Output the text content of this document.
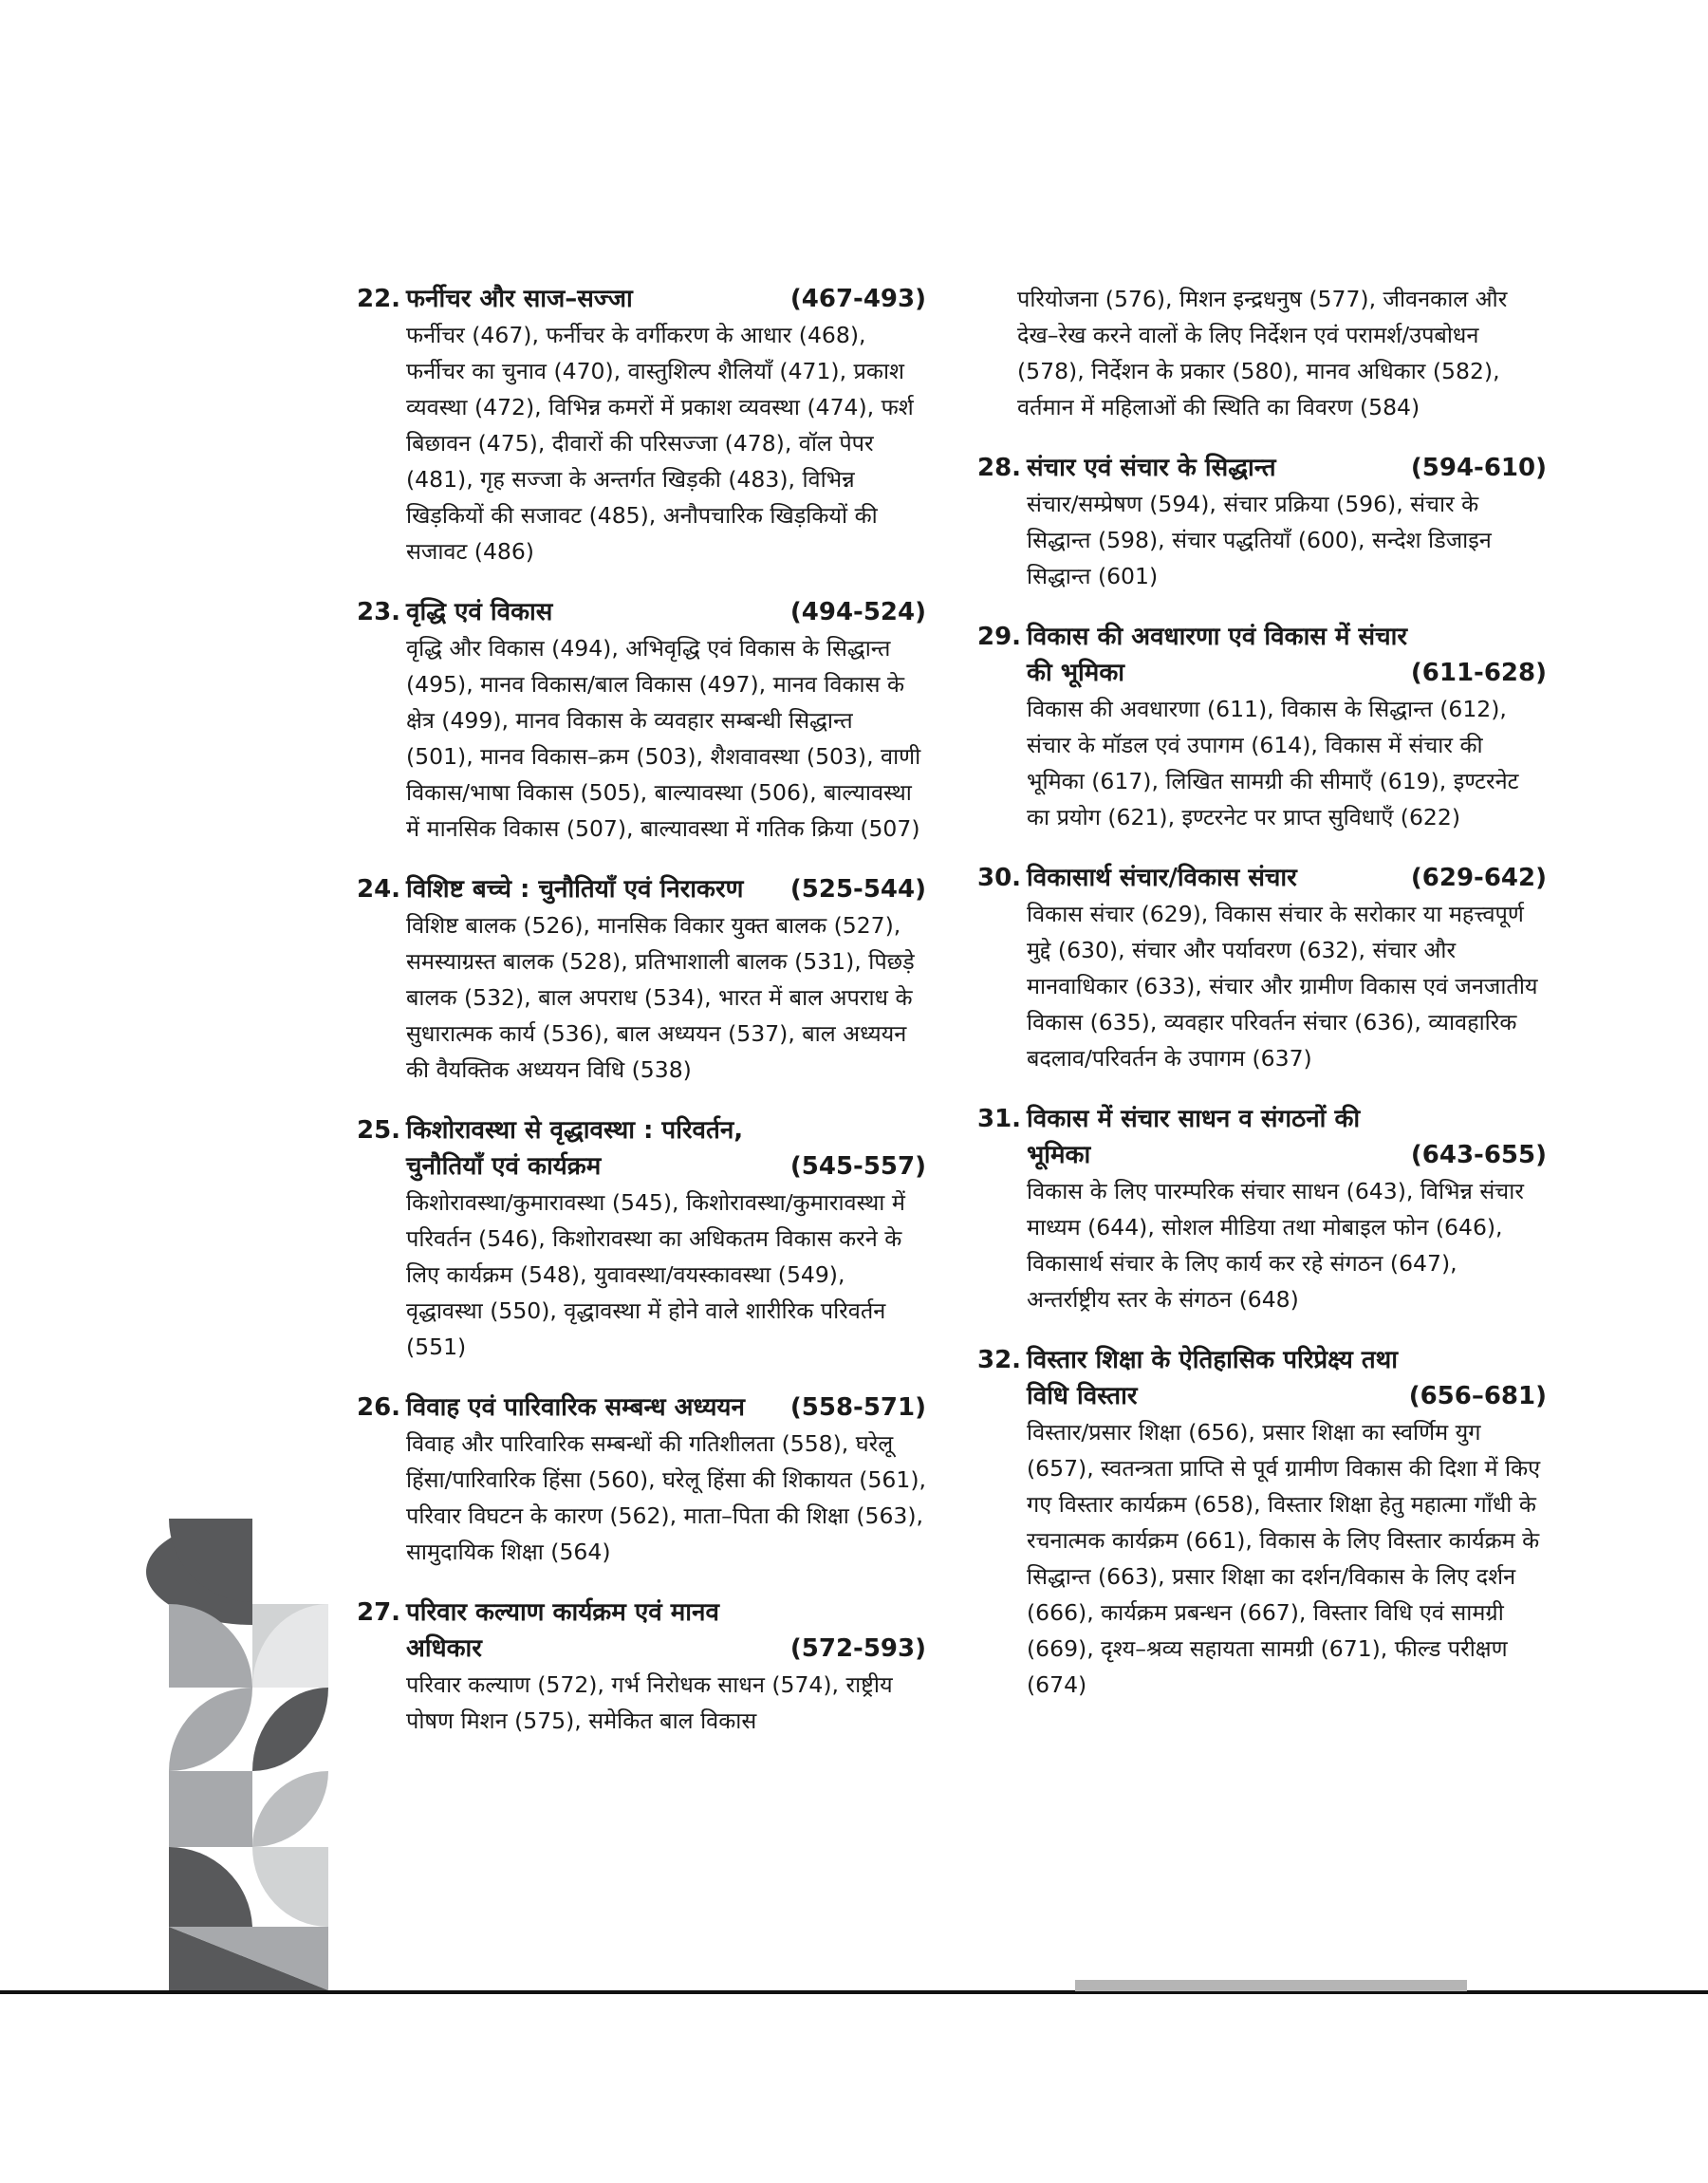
22. फर्नीचर और साज–सज्जा	(467-493)
फर्नीचर (467), फर्नीचर के वर्गीकरण के आधार (468), फर्नीचर का चुनाव (470), वास्तुशिल्प शैलियाँ (471), प्रकाश व्यवस्था (472), विभिन्न कमरों में प्रकाश व्यवस्था (474), फर्श बिछावन (475), दीवारों की परिसज्जा (478), वॉल पेपर (481), गृह सज्जा के अन्तर्गत खिड़की (483), विभिन्न खिड़कियों की सजावट (485), अनौपचारिक खिड़कियों की सजावट (486)
23. वृद्धि एवं विकास	(494-524)
वृद्धि और विकास (494), अभिवृद्धि एवं विकास के सिद्धान्त (495), मानव विकास/बाल विकास (497), मानव विकास के क्षेत्र (499), मानव विकास के व्यवहार सम्बन्धी सिद्धान्त (501), मानव विकास–क्रम (503), शैशवावस्था (503), वाणी विकास/भाषा विकास (505), बाल्यावस्था (506), बाल्यावस्था में मानसिक विकास (507), बाल्यावस्था में गतिक क्रिया (507)
24. विशिष्ट बच्चे : चुनौतियाँ एवं निराकरण (525-544)
विशिष्ट बालक (526), मानसिक विकार युक्त बालक (527), समस्याग्रस्त बालक (528), प्रतिभाशाली बालक (531), पिछड़े बालक (532), बाल अपराध (534), भारत में बाल अपराध के सुधारात्मक कार्य (536), बाल अध्ययन (537), बाल अध्ययन की वैयक्तिक अध्ययन विधि (538)
25. किशोरावस्था से वृद्धावस्था : परिवर्तन,
चुनौतियाँ एवं कार्यक्रम	(545-557)
किशोरावस्था/कुमारावस्था (545), किशोरावस्था/कुमारावस्था में परिवर्तन (546), किशोरावस्था का अधिकतम विकास करने के लिए कार्यक्रम (548), युवावस्था/वयस्कावस्था (549), वृद्धावस्था (550), वृद्धावस्था में होने वाले शारीरिक परिवर्तन (551)
26. विवाह एवं पारिवारिक सम्बन्ध अध्ययन (558-571)
विवाह और पारिवारिक सम्बन्धों की गतिशीलता (558), घरेलू हिंसा/पारिवारिक हिंसा (560), घरेलू हिंसा की शिकायत (561), परिवार विघटन के कारण (562), माता–पिता की शिक्षा (563), सामुदायिक शिक्षा (564)
27. परिवार कल्याण कार्यक्रम एवं मानव
अधिकार	(572-593)
परिवार कल्याण (572), गर्भ निरोधक साधन (574), राष्ट्रीय पोषण मिशन (575), समेकित बाल विकास
परियोजना (576), मिशन इन्द्रधनुष (577), जीवनकाल और देख–रेख करने वालों के लिए निर्देशन एवं परामर्श/उपबोधन (578), निर्देशन के प्रकार (580), मानव अधिकार (582), वर्तमान में महिलाओं की स्थिति का विवरण (584)
28. संचार एवं संचार के सिद्धान्त	(594-610)
संचार/सम्प्रेषण (594), संचार प्रक्रिया (596), संचार के सिद्धान्त (598), संचार पद्धतियाँ (600), सन्देश डिजाइन सिद्धान्त (601)
29. विकास की अवधारणा एवं विकास में संचार
की भूमिका	(611-628)
विकास की अवधारणा (611), विकास के सिद्धान्त (612), संचार के मॉडल एवं उपागम (614), विकास में संचार की भूमिका (617), लिखित सामग्री की सीमाएँ (619), इण्टरनेट का प्रयोग (621), इण्टरनेट पर प्राप्त सुविधाएँ (622)
30. विकासार्थ संचार/विकास संचार	(629-642)
विकास संचार (629), विकास संचार के सरोकार या महत्त्वपूर्ण मुद्दे (630), संचार और पर्यावरण (632), संचार और मानवाधिकार (633), संचार और ग्रामीण विकास एवं जनजातीय विकास (635), व्यवहार परिवर्तन संचार (636), व्यावहारिक बदलाव/परिवर्तन के उपागम (637)
31. विकास में संचार साधन व संगठनों की
भूमिका	(643-655)
विकास के लिए पारम्परिक संचार साधन (643), विभिन्न संचार माध्यम (644), सोशल मीडिया तथा मोबाइल फोन (646), विकासार्थ संचार के लिए कार्य कर रहे संगठन (647), अन्तर्राष्ट्रीय स्तर के संगठन (648)
32. विस्तार शिक्षा के ऐतिहासिक परिप्रेक्ष्य तथा
विधि विस्तार	(656–681)
विस्तार/प्रसार शिक्षा (656), प्रसार शिक्षा का स्वर्णिम युग (657), स्वतन्त्रता प्राप्ति से पूर्व ग्रामीण विकास की दिशा में किए गए विस्तार कार्यक्रम (658), विस्तार शिक्षा हेतु महात्मा गाँधी के रचनात्मक कार्यक्रम (661), विकास के लिए विस्तार कार्यक्रम के सिद्धान्त (663), प्रसार शिक्षा का दर्शन/विकास के लिए दर्शन (666), कार्यक्रम प्रबन्धन (667), विस्तार विधि एवं सामग्री (669), दृश्य–श्रव्य सहायता सामग्री (671), फील्ड परीक्षण (674)
